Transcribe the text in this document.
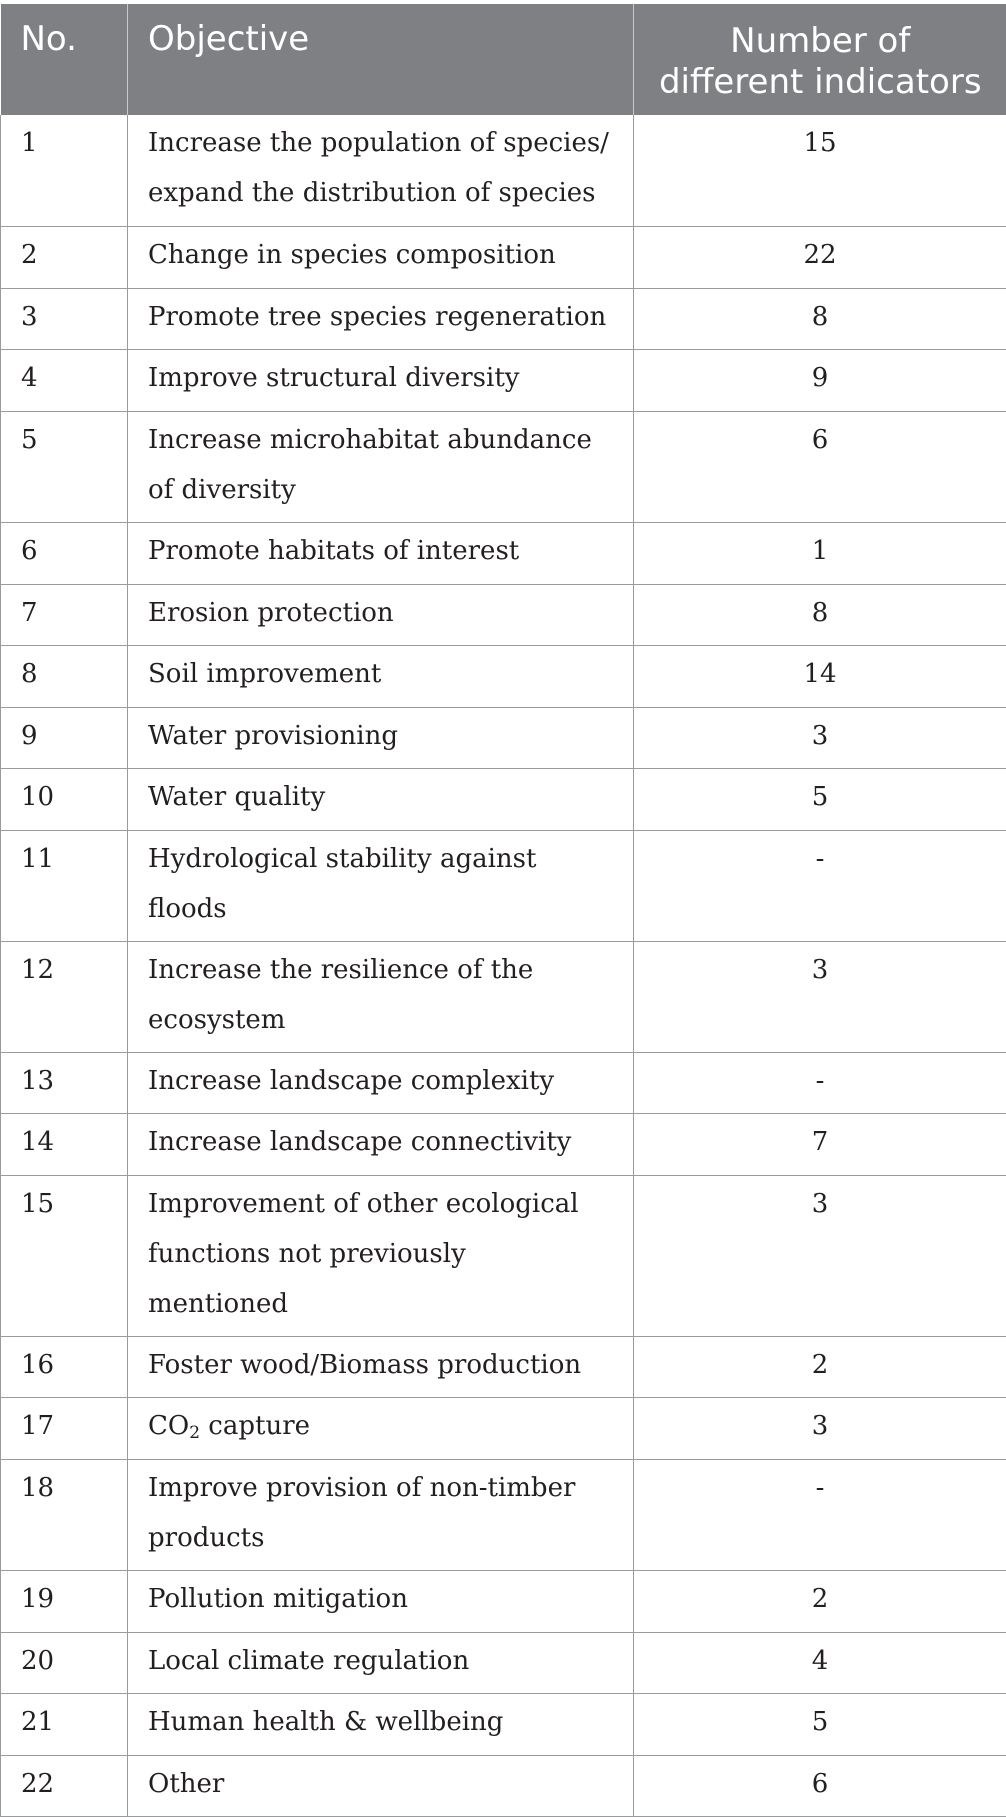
No.	Objective	Number of
different indicators
1	Increase the population of species/ expand the distribution of species	15
2	Change in species composition	22
3	Promote tree species regeneration	8
4	Improve structural diversity	9
5	Increase microhabitat abundance of diversity	6
6	Promote habitats of interest	1
7	Erosion protection	8
8	Soil improvement	14
9	Water provisioning	3
10	Water quality	5
11	Hydrological stability against floods	-
12	Increase the resilience of the ecosystem	3
13	Increase landscape complexity	-
14	Increase landscape connectivity	7
15	Improvement of other ecological functions not previously mentioned	3
16	Foster wood/Biomass production	2
17	$CO_2$ capture	3
18	Improve provision of non-timber products	-
19	Pollution mitigation	2
20	Local climate regulation	4
21	Human health & wellbeing	5
22	Other	6
